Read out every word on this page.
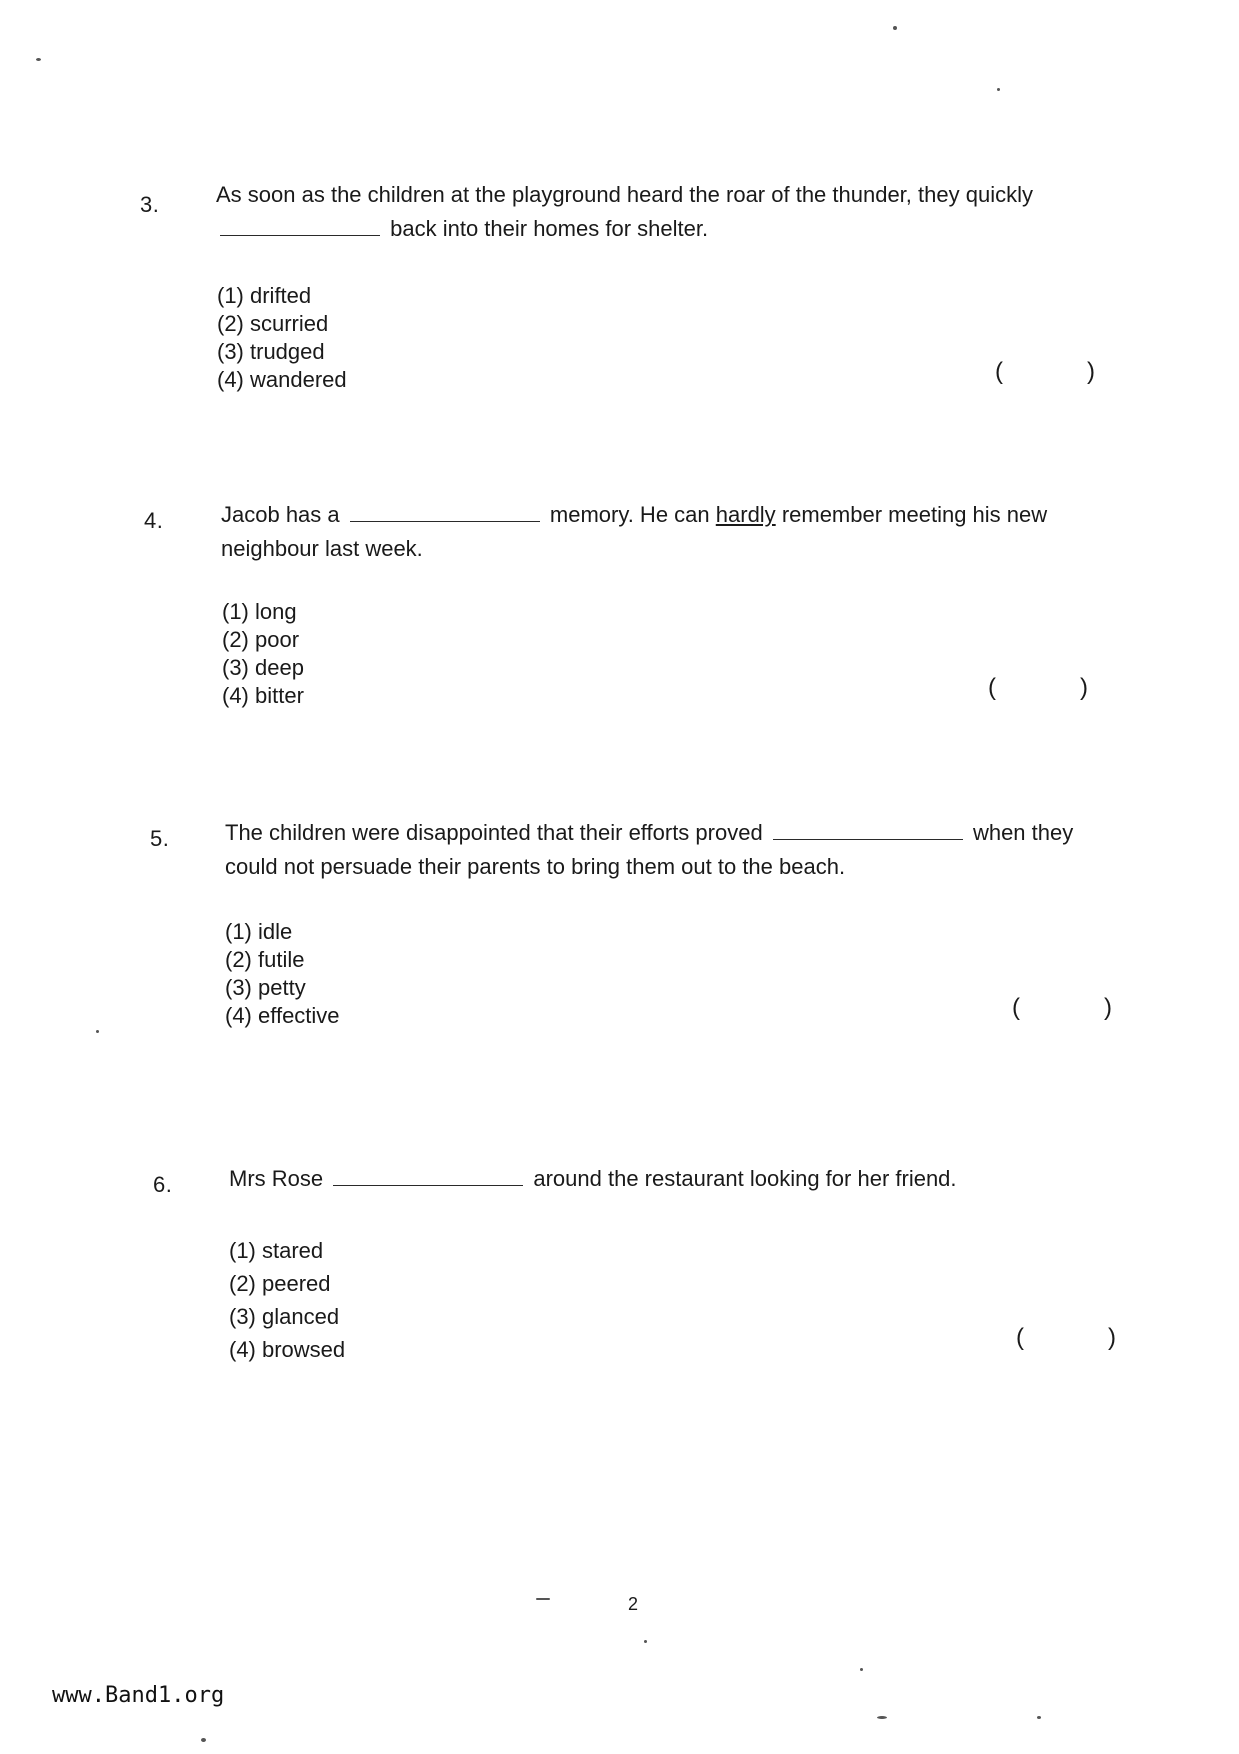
3.	As soon as the children at the playground heard the roar of the thunder, they quickly  back into their homes for shelter.
(1) drifted
(2) scurried
(3) trudged
(4) wandered	(	)
4.	Jacob has a	memory. He can hardly remember meeting his new neighbour last week.
(1) long
(2) poor
(3) deep
(4) bitter	(	)
5.	The children were disappointed that their efforts proved	when they could not persuade their parents to bring them out to the beach.
(1) idle
(2) futile
(3) petty
(4) effective	(	)
6.	Mrs Rose	around the restaurant looking for her friend.
(1) stared
(2) peered
(3) glanced
(4) browsed	(	)
2
www.Band1.org
